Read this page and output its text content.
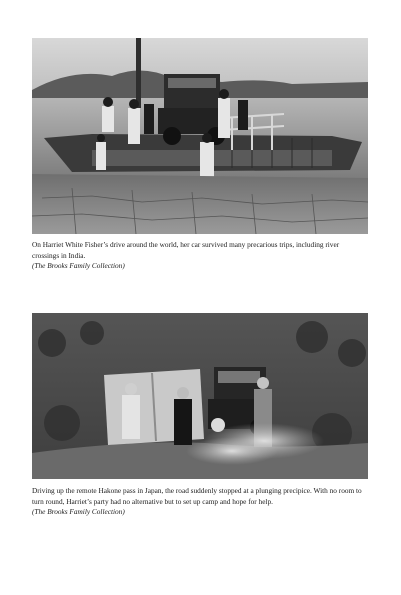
On Harriet White Fisher’s drive around the world, her car survived many precarious trips, including river crossings in India.
(The Brooks Family Collection)
Driving up the remote Hakone pass in Japan, the road suddenly stopped at a plunging precipice. With no room to turn round, Harriet’s party had no alternative but to set up camp and hope for help.
(The Brooks Family Collection)
